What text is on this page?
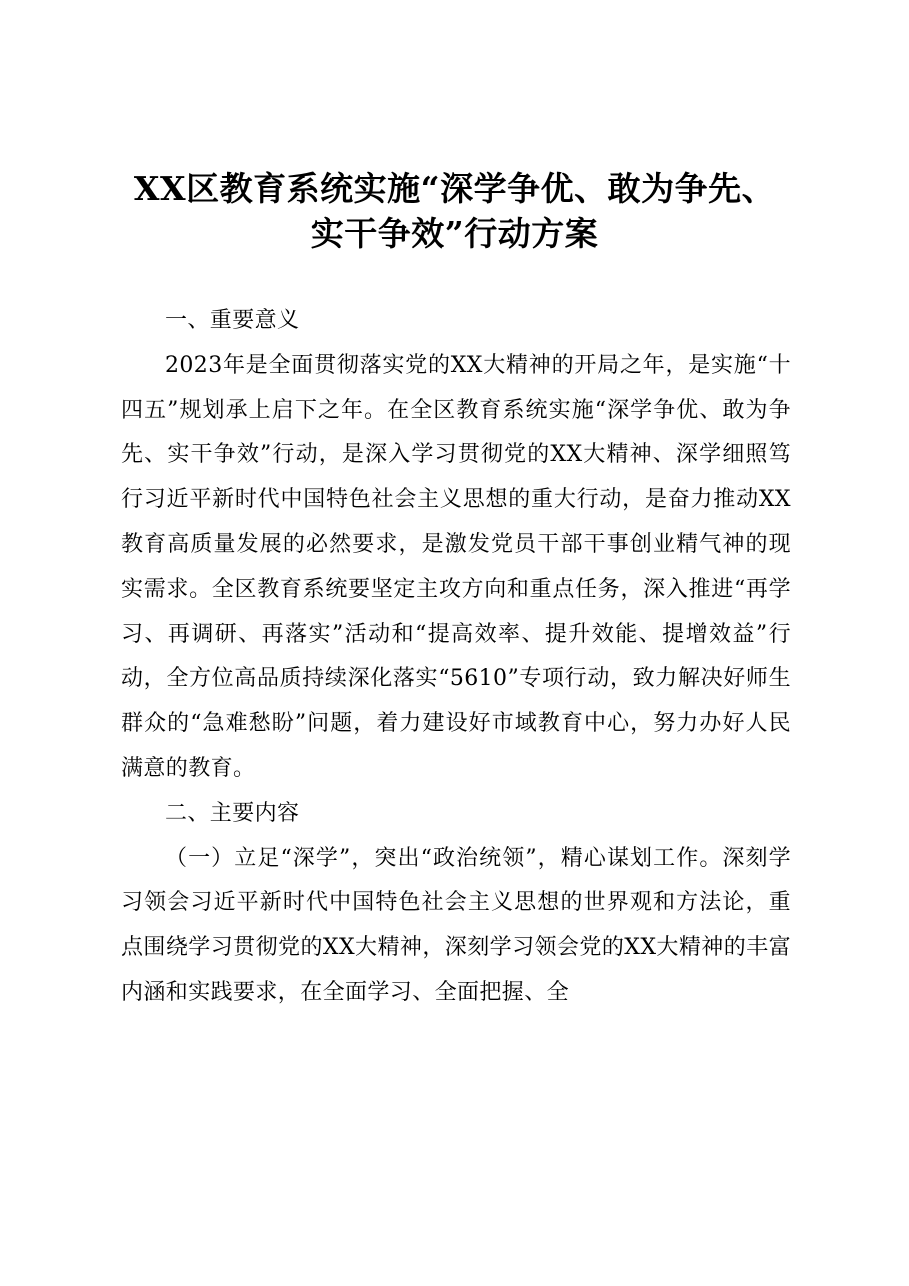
XX区教育系统实施“深学争优、敢为争先、
实干争效”行动方案

一、重要意义

2023年是全面贯彻落实党的XX大精神的开局之年，是实施“十四五”规划承上启下之年。在全区教育系统实施“深学争优、敢为争先、实干争效”行动，是深入学习贯彻党的XX大精神、深学细照笃行习近平新时代中国特色社会主义思想的重大行动，是奋力推动XX教育高质量发展的必然要求，是激发党员干部干事创业精气神的现实需求。全区教育系统要坚定主攻方向和重点任务，深入推进“再学习、再调研、再落实”活动和“提高效率、提升效能、提增效益”行动，全方位高品质持续深化落实“5610”专项行动，致力解决好师生群众的“急难愁盼”问题，着力建设好市域教育中心，努力办好人民满意的教育。

二、主要内容

（一）立足“深学”，突出“政治统领”，精心谋划工作。深刻学习领会习近平新时代中国特色社会主义思想的世界观和方法论，重点围绕学习贯彻党的XX大精神，深刻学习领会党的XX大精神的丰富内涵和实践要求，在全面学习、全面把握、全
